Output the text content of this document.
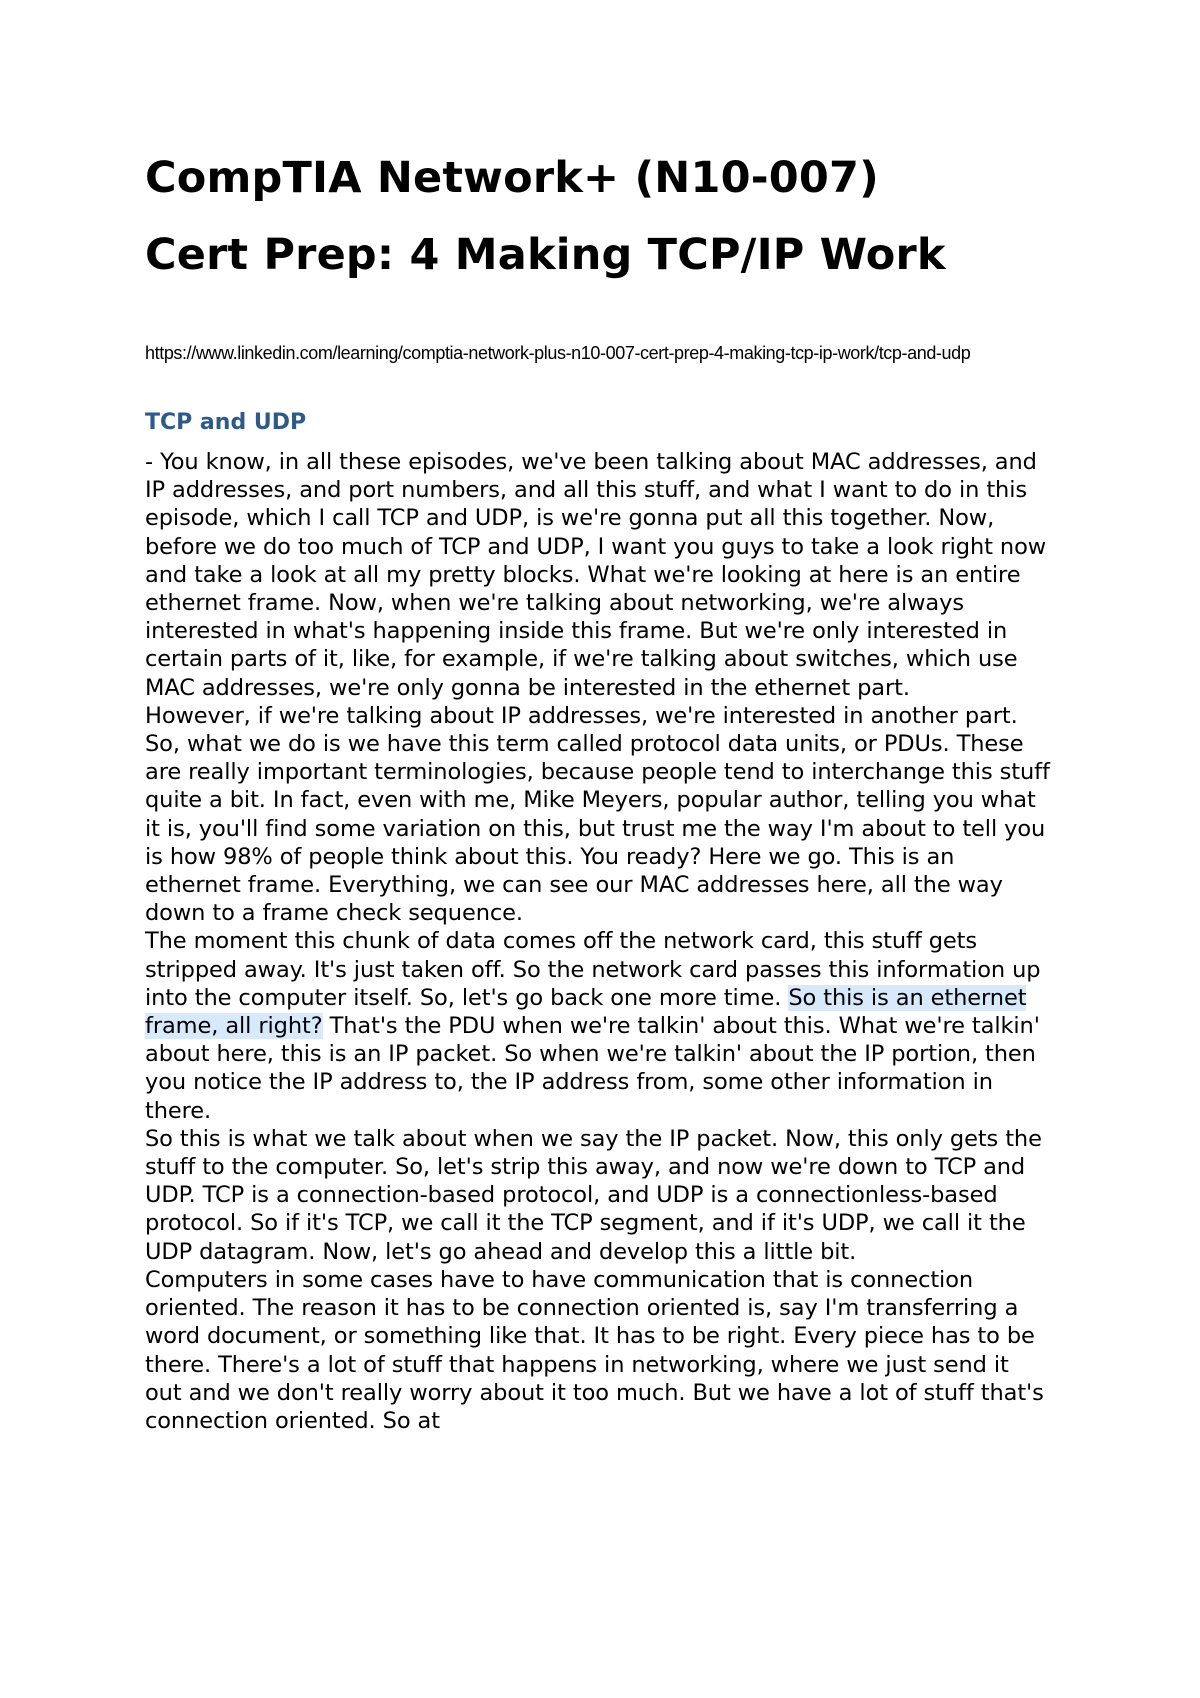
CompTIA Network+ (N10-007)
Cert Prep: 4 Making TCP/IP Work

https://www.linkedin.com/learning/comptia-network-plus-n10-007-cert-prep-4-making-tcp-ip-work/tcp-and-udp

TCP and UDP

- You know, in all these episodes, we've been talking about MAC addresses, and IP addresses, and port numbers, and all this stuff, and what I want to do in this episode, which I call TCP and UDP, is we're gonna put all this together. Now, before we do too much of TCP and UDP, I want you guys to take a look right now and take a look at all my pretty blocks. What we're looking at here is an entire ethernet frame. Now, when we're talking about networking, we're always interested in what's happening inside this frame. But we're only interested in certain parts of it, like, for example, if we're talking about switches, which use MAC addresses, we're only gonna be interested in the ethernet part.

However, if we're talking about IP addresses, we're interested in another part. So, what we do is we have this term called protocol data units, or PDUs. These are really important terminologies, because people tend to interchange this stuff quite a bit. In fact, even with me, Mike Meyers, popular author, telling you what it is, you'll find some variation on this, but trust me the way I'm about to tell you is how 98% of people think about this. You ready? Here we go. This is an ethernet frame. Everything, we can see our MAC addresses here, all the way down to a frame check sequence.

The moment this chunk of data comes off the network card, this stuff gets stripped away. It's just taken off. So the network card passes this information up into the computer itself. So, let's go back one more time. So this is an ethernet frame, all right? That's the PDU when we're talkin' about this. What we're talkin' about here, this is an IP packet. So when we're talkin' about the IP portion, then you notice the IP address to, the IP address from, some other information in there.

So this is what we talk about when we say the IP packet. Now, this only gets the stuff to the computer. So, let's strip this away, and now we're down to TCP and UDP. TCP is a connection-based protocol, and UDP is a connectionless-based protocol. So if it's TCP, we call it the TCP segment, and if it's UDP, we call it the UDP datagram. Now, let's go ahead and develop this a little bit.

Computers in some cases have to have communication that is connection oriented. The reason it has to be connection oriented is, say I'm transferring a word document, or something like that. It has to be right. Every piece has to be there. There's a lot of stuff that happens in networking, where we just send it out and we don't really worry about it too much. But we have a lot of stuff that's connection oriented. So at
